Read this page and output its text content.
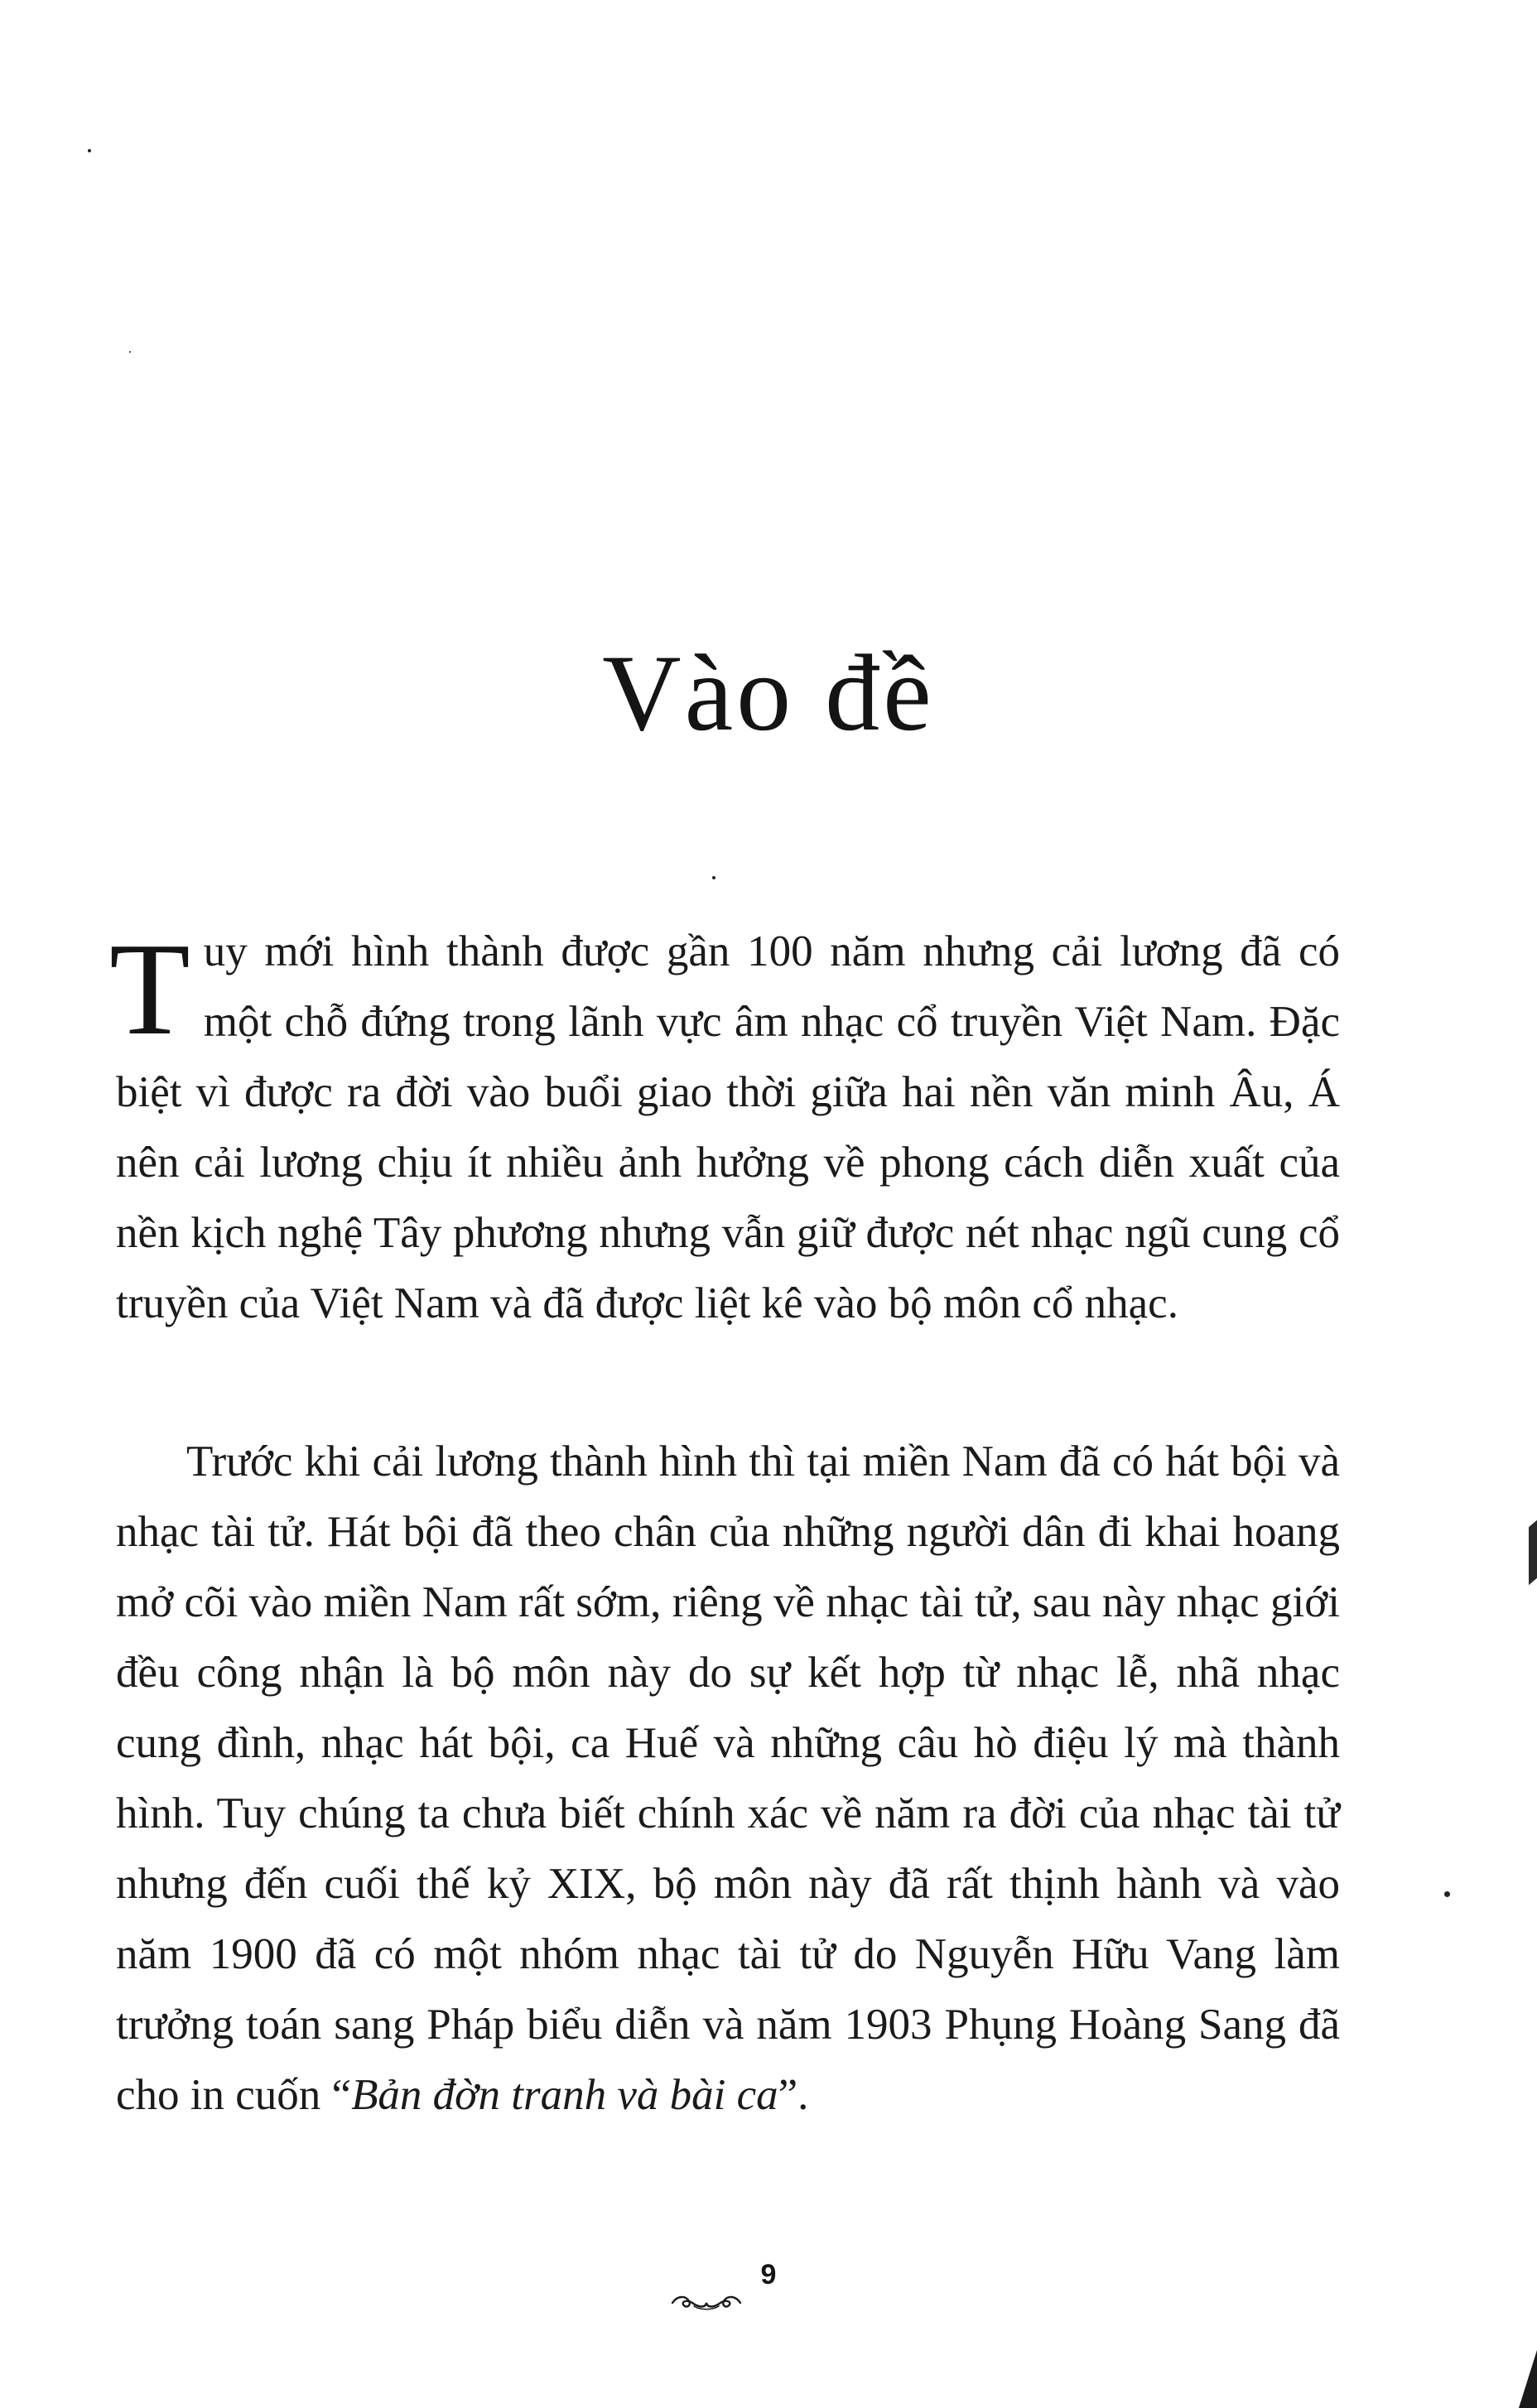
Vào đề

Tuy mới hình thành được gần 100 năm nhưng cải lương đã có một chỗ đứng trong lãnh vực âm nhạc cổ truyền Việt Nam. Đặc biệt vì được ra đời vào buổi giao thời giữa hai nền văn minh Âu, Á nên cải lương chịu ít nhiều ảnh hưởng về phong cách diễn xuất của nền kịch nghệ Tây phương nhưng vẫn giữ được nét nhạc ngũ cung cổ truyền của Việt Nam và đã được liệt kê vào bộ môn cổ nhạc.

Trước khi cải lương thành hình thì tại miền Nam đã có hát bội và nhạc tài tử. Hát bội đã theo chân của những người dân đi khai hoang mở cõi vào miền Nam rất sớm, riêng về nhạc tài tử, sau này nhạc giới đều công nhận là bộ môn này do sự kết hợp từ nhạc lễ, nhã nhạc cung đình, nhạc hát bội, ca Huế và những câu hò điệu lý mà thành hình. Tuy chúng ta chưa biết chính xác về năm ra đời của nhạc tài tử nhưng đến cuối thế kỷ XIX, bộ môn này đã rất thịnh hành và vào năm 1900 đã có một nhóm nhạc tài tử do Nguyễn Hữu Vang làm trưởng toán sang Pháp biểu diễn và năm 1903 Phụng Hoàng Sang đã cho in cuốn “Bản đờn tranh và bài ca”.

9
